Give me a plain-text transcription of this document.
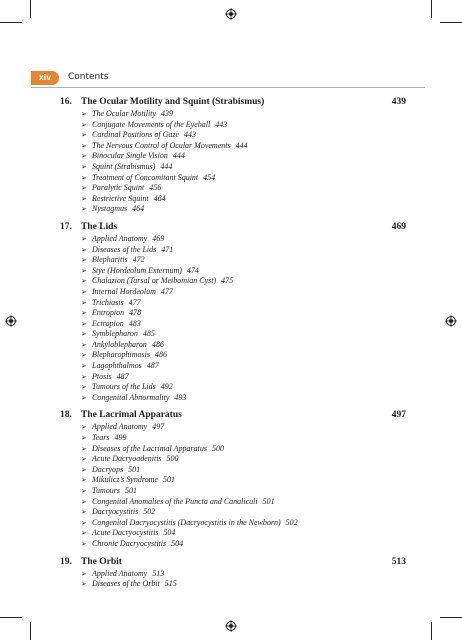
xiv	Contents
16. The Ocular Motility and Squint (Strabismus)	439
➢ The Ocular Motility 439
➢ Conjugate Movements of the Eyeball 443
➢ Cardinal Positions of Gaze 443
➢ The Nervous Control of Ocular Movements 444
➢ Binocular Single Vision 444
➢ Squint (Strabismus) 444
➢ Treatment of Concomitant Squint 454
➢ Paralytic Squint 456
➢ Restrictive Squint 464
➢ Nystagmus 464
17. The Lids	469
➢ Applied Anatomy 469
➢ Diseases of the Lids 471
➢ Blepharitis 472
➢ Stye (Hordeolum Externum) 474
➢ Chalazion (Tarsal or Meibomian Cyst) 475
➢ Internal Hordeolum 477
➢ Trichiasis 477
➢ Entropion 478
➢ Ectropion 483
➢ Symblepharon 485
➢ Ankyloblepharon 486
➢ Blepharophimosis 486
➢ Lagophthalmos 487
➢ Ptosis 487
➢ Tumours of the Lids 492
➢ Congenital Abnormality 493
18. The Lacrimal Apparatus	497
➢ Applied Anatomy 497
➢ Tears 499
➢ Diseases of the Lacrimal Apparatus 500
➢ Acute Dacryoadenitis 500
➢ Dacryops 501
➢ Mikulicz’s Syndrome 501
➢ Tumours 501
➢ Congenital Anomalies of the Puncta and Canaliculi 501
➢ Dacryocystitis 502
➢ Congenital Dacryocystitis (Dacryocystitis in the Newborn) 502
➢ Acute Dacryocystitis 504
➢ Chronic Dacryocystitis 504
19. The Orbit	513
➢ Applied Anatomy 513
➢ Diseases of the Orbit 515
